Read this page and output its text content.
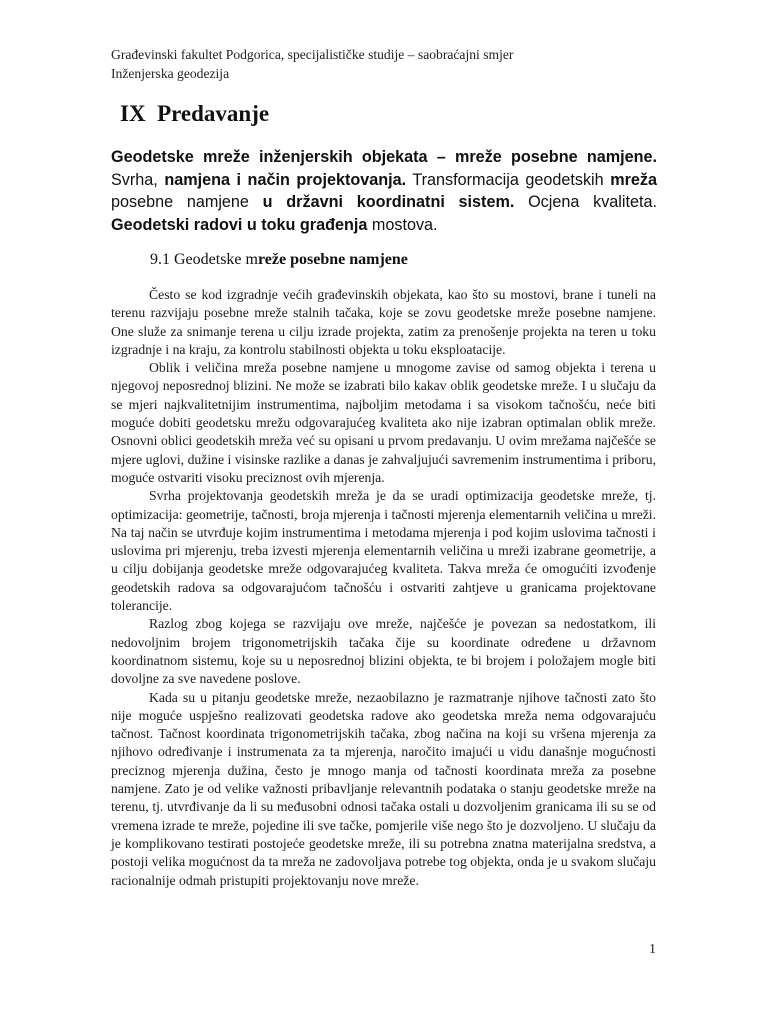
Građevinski fakultet Podgorica, specijalističke studije – saobraćajni smjer
Inženjerska geodezija
IX Predavanje
Geodetske mreže inženjerskih objekata – mreže posebne namjene. Svrha, namjena i način projektovanja. Transformacija geodetskih mreža posebne namjene u državni koordinatni sistem. Ocjena kvaliteta. Geodetski radovi u toku građenja mostova.
9.1 Geodetske mreže posebne namjene

Često se kod izgradnje većih građevinskih objekata, kao što su mostovi, brane i tuneli na terenu razvijaju posebne mreže stalnih tačaka, koje se zovu geodetske mreže posebne namjene. One služe za snimanje terena u cilju izrade projekta, zatim za prenošenje projekta na teren u toku izgradnje i na kraju, za kontrolu stabilnosti objekta u toku eksploatacije.

Oblik i veličina mreža posebne namjene u mnogome zavise od samog objekta i terena u njegovoj neposrednoj blizini. Ne može se izabrati bilo kakav oblik geodetske mreže. I u slučaju da se mjeri najkvalitetnijim instrumentima, najboljim metodama i sa visokom tačnošću, neće biti moguće dobiti geodetsku mrežu odgovarajućeg kvaliteta ako nije izabran optimalan oblik mreže. Osnovni oblici geodetskih mreža već su opisani u prvom predavanju. U ovim mrežama najčešće se mjere uglovi, dužine i visinske razlike a danas je zahvaljujući savremenim instrumentima i priboru, moguće ostvariti visoku preciznost ovih mjerenja.

Svrha projektovanja geodetskih mreža je da se uradi optimizacija geodetske mreže, tj. optimizacija: geometrije, tačnosti, broja mjerenja i tačnosti mjerenja elementarnih veličina u mreži. Na taj način se utvrđuje kojim instrumentima i metodama mjerenja i pod kojim uslovima tačnosti i uslovima pri mjerenju, treba izvesti mjerenja elementarnih veličina u mreži izabrane geometrije, a u cilju dobijanja geodetske mreže odgovarajućeg kvaliteta. Takva mreža će omogućiti izvođenje geodetskih radova sa odgovarajućom tačnošću i ostvariti zahtjeve u granicama projektovane tolerancije.

Razlog zbog kojega se razvijaju ove mreže, najčešće je povezan sa nedostatkom, ili nedovoljnim brojem trigonometrijskih tačaka čije su koordinate određene u državnom koordinatnom sistemu, koje su u neposrednoj blizini objekta, te bi brojem i položajem mogle biti dovoljne za sve navedene poslove.

Kada su u pitanju geodetske mreže, nezaobilazno je razmatranje njihove tačnosti zato što nije moguće uspješno realizovati geodetska radove ako geodetska mreža nema odgovarajuću tačnost. Tačnost koordinata trigonometrijskih tačaka, zbog načina na koji su vršena mjerenja za njihovo određivanje i instrumenata za ta mjerenja, naročito imajući u vidu današnje mogućnosti preciznog mjerenja dužina, često je mnogo manja od tačnosti koordinata mreža za posebne namjene. Zato je od velike važnosti pribavljanje relevantnih podataka o stanju geodetske mreže na terenu, tj. utvrđivanje da li su međusobni odnosi tačaka ostali u dozvoljenim granicama ili su se od vremena izrade te mreže, pojedine ili sve tačke, pomjerile više nego što je dozvoljeno. U slučaju da je komplikovano testirati postojeće geodetske mreže, ili su potrebna znatna materijalna sredstva, a postoji velika mogućnost da ta mreža ne zadovoljava potrebe tog objekta, onda je u svakom slučaju racionalnije odmah pristupiti projektovanju nove mreže.

1
